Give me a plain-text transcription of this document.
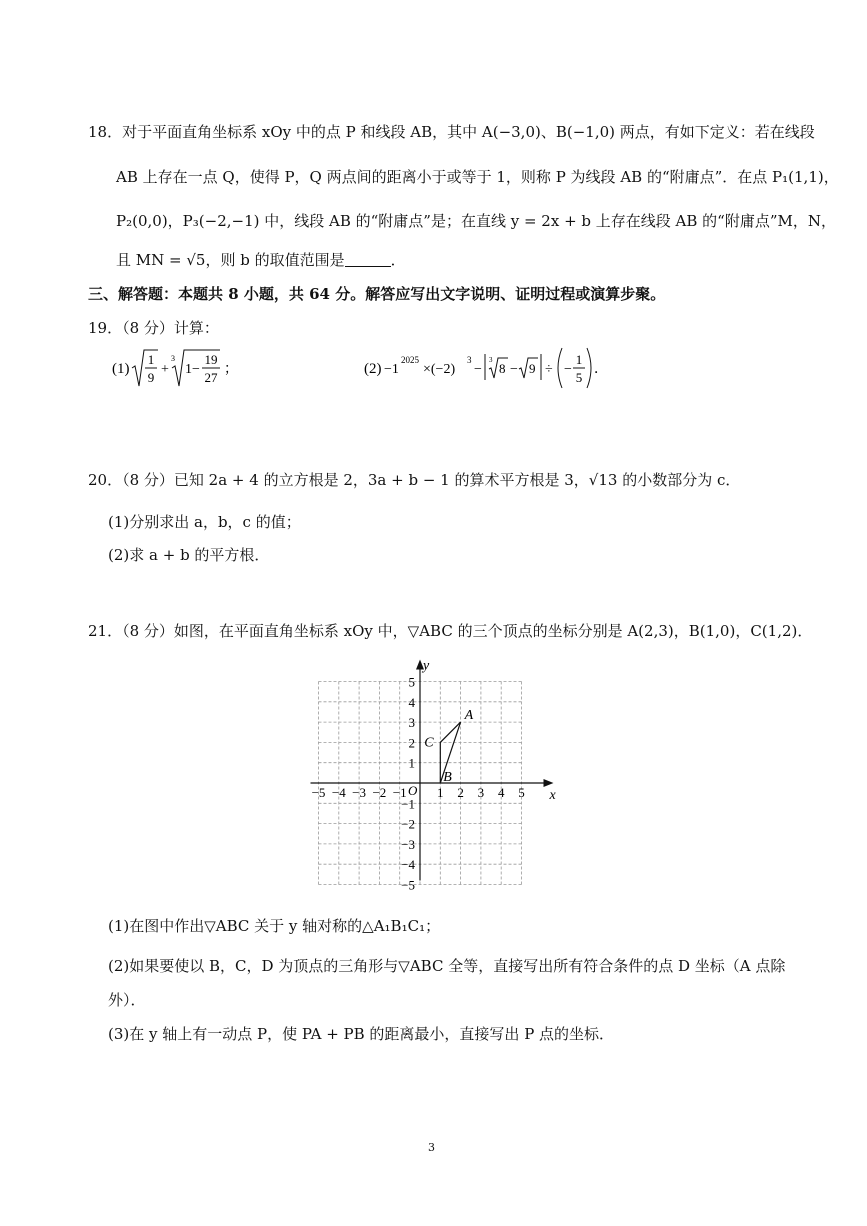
18．对于平面直角坐标系 xOy 中的点 P 和线段 AB，其中 A(−3,0)、B(−1,0) 两点，有如下定义：若在线段
AB 上存在一点 Q，使得 P，Q 两点间的距离小于或等于 1，则称 P 为线段 AB 的“附庸点”．在点 P₁(1,1)，
P₂(0,0)，P₃(−2,−1) 中，线段 AB 的“附庸点”是；在直线 y = 2x + b 上存在线段 AB 的“附庸点”M，N，
且 MN = √5，则 b 的取值范围是	．
三、解答题：本题共 8 小题，共 64 分。解答应写出文字说明、证明过程或演算步聚。
19．（8 分）计算：
(1)
1
9
+
3
1−
19
27
；	(2) −1
2025
×(−2)
3
−
3
8 − 9 ÷ −
1
5
．
20．（8 分）已知 2a + 4 的立方根是 2，3a + b − 1 的算术平方根是 3，√13 的小数部分为 c．
(1)分别求出 a，b，c 的值；
(2)求 a + b 的平方根．
21．（8 分）如图，在平面直角坐标系 xOy 中，▽ABC 的三个顶点的坐标分别是 A(2,3)，B(1,0)，C(1,2)．
x
y
O
−5 −4 −3 −2 −1 1 2 3 4 5
5
4
3
2
1
−1
−2
−3
−4
−5
A
B
C
(1)在图中作出▽ABC 关于 y 轴对称的△A₁B₁C₁；
(2)如果要使以 B，C，D 为顶点的三角形与▽ABC 全等，直接写出所有符合条件的点 D 坐标（A 点除
外）．
(3)在 y 轴上有一动点 P，使 PA + PB 的距离最小，直接写出 P 点的坐标．
3
